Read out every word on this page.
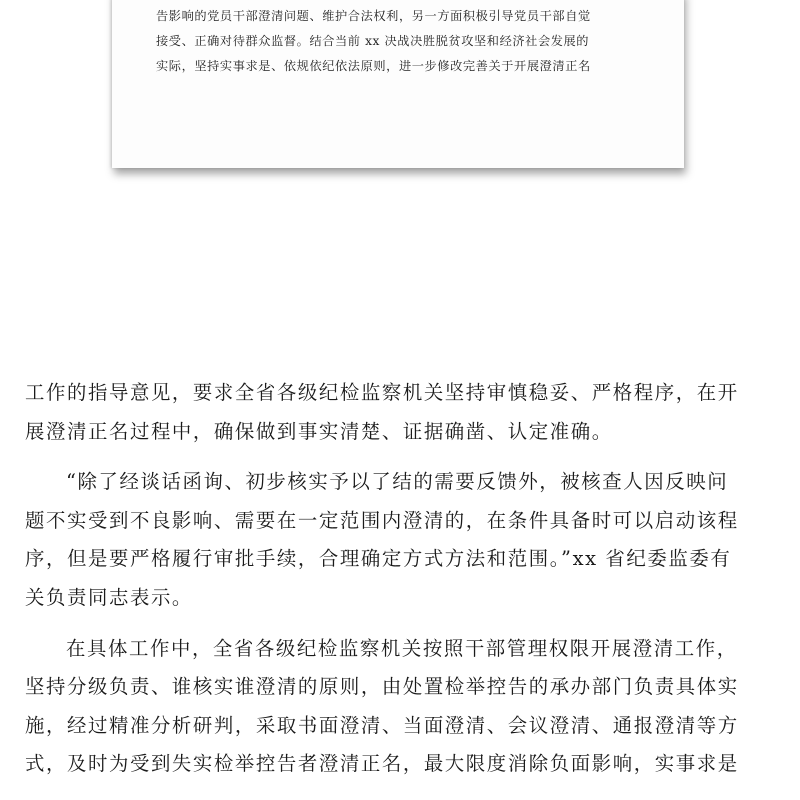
告影响的党员干部澄清问题、维护合法权利，另一方面积极引导党员干部自觉
接受、正确对待群众监督。结合当前 xx 决战决胜脱贫攻坚和经济社会发展的
实际，坚持实事求是、依规依纪依法原则，进一步修改完善关于开展澄清正名

工作的指导意见，要求全省各级纪检监察机关坚持审慎稳妥、严格程序，在开
展澄清正名过程中，确保做到事实清楚、证据确凿、认定准确。

“除了经谈话函询、初步核实予以了结的需要反馈外，被核查人因反映问
题不实受到不良影响、需要在一定范围内澄清的，在条件具备时可以启动该程
序，但是要严格履行审批手续，合理确定方式方法和范围。”xx 省纪委监委有
关负责同志表示。

在具体工作中，全省各级纪检监察机关按照干部管理权限开展澄清工作，
坚持分级负责、谁核实谁澄清的原则，由处置检举控告的承办部门负责具体实
施，经过精准分析研判，采取书面澄清、当面澄清、会议澄清、通报澄清等方
式，及时为受到失实检举控告者澄清正名，最大限度消除负面影响，实事求是
